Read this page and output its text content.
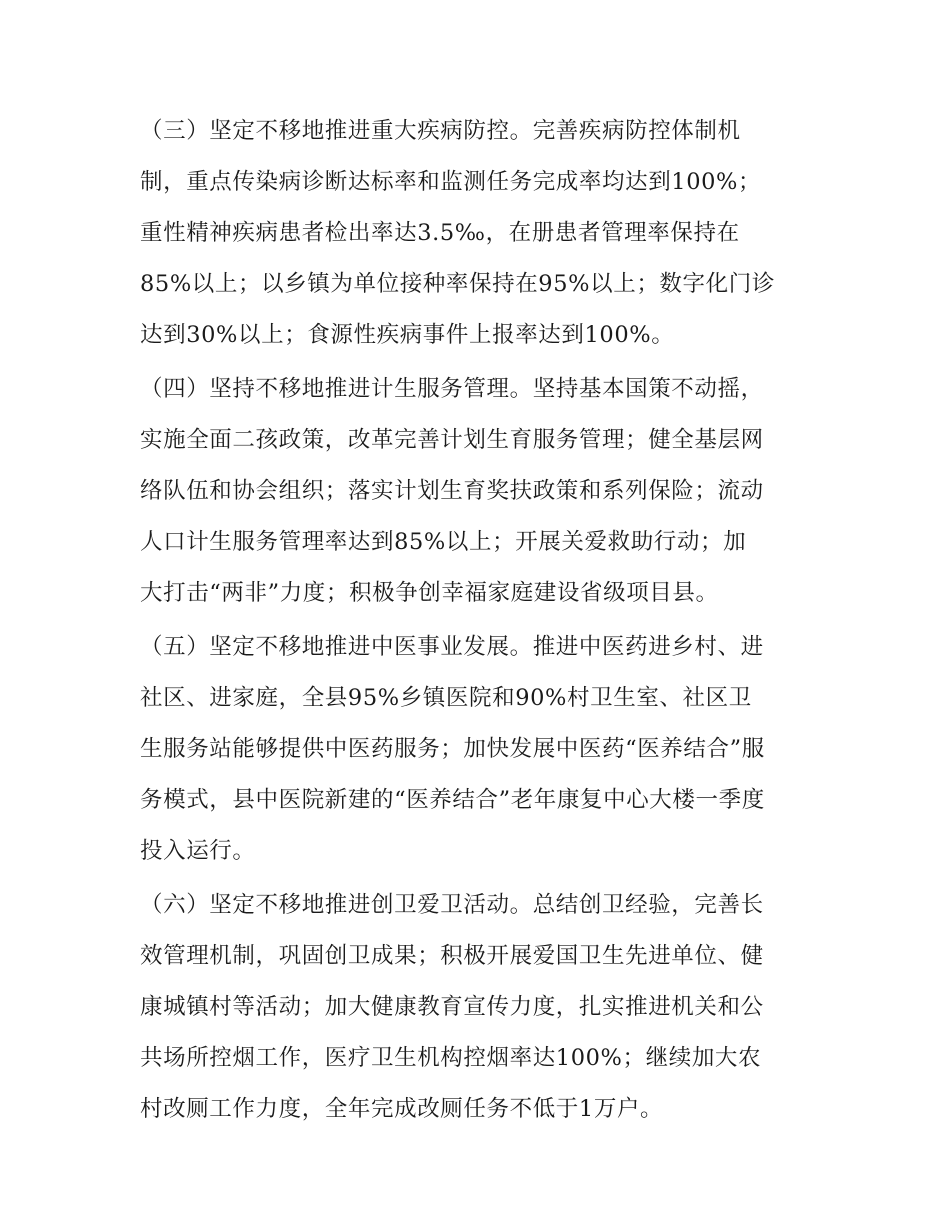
（三）坚定不移地推进重大疾病防控。完善疾病防控体制机
制，重点传染病诊断达标率和监测任务完成率均达到100%；
重性精神疾病患者检出率达3.5‰，在册患者管理率保持在
85%以上；以乡镇为单位接种率保持在95%以上；数字化门诊
达到30%以上；食源性疾病事件上报率达到100%。
（四）坚持不移地推进计生服务管理。坚持基本国策不动摇，
实施全面二孩政策，改革完善计划生育服务管理；健全基层网
络队伍和协会组织；落实计划生育奖扶政策和系列保险；流动
人口计生服务管理率达到85%以上；开展关爱救助行动；加
大打击“两非”力度；积极争创幸福家庭建设省级项目县。
（五）坚定不移地推进中医事业发展。推进中医药进乡村、进
社区、进家庭，全县95%乡镇医院和90%村卫生室、社区卫
生服务站能够提供中医药服务；加快发展中医药“医养结合”服
务模式，县中医院新建的“医养结合”老年康复中心大楼一季度
投入运行。
（六）坚定不移地推进创卫爱卫活动。总结创卫经验，完善长
效管理机制，巩固创卫成果；积极开展爱国卫生先进单位、健
康城镇村等活动；加大健康教育宣传力度，扎实推进机关和公
共场所控烟工作，医疗卫生机构控烟率达100%；继续加大农
村改厕工作力度，全年完成改厕任务不低于1万户。
